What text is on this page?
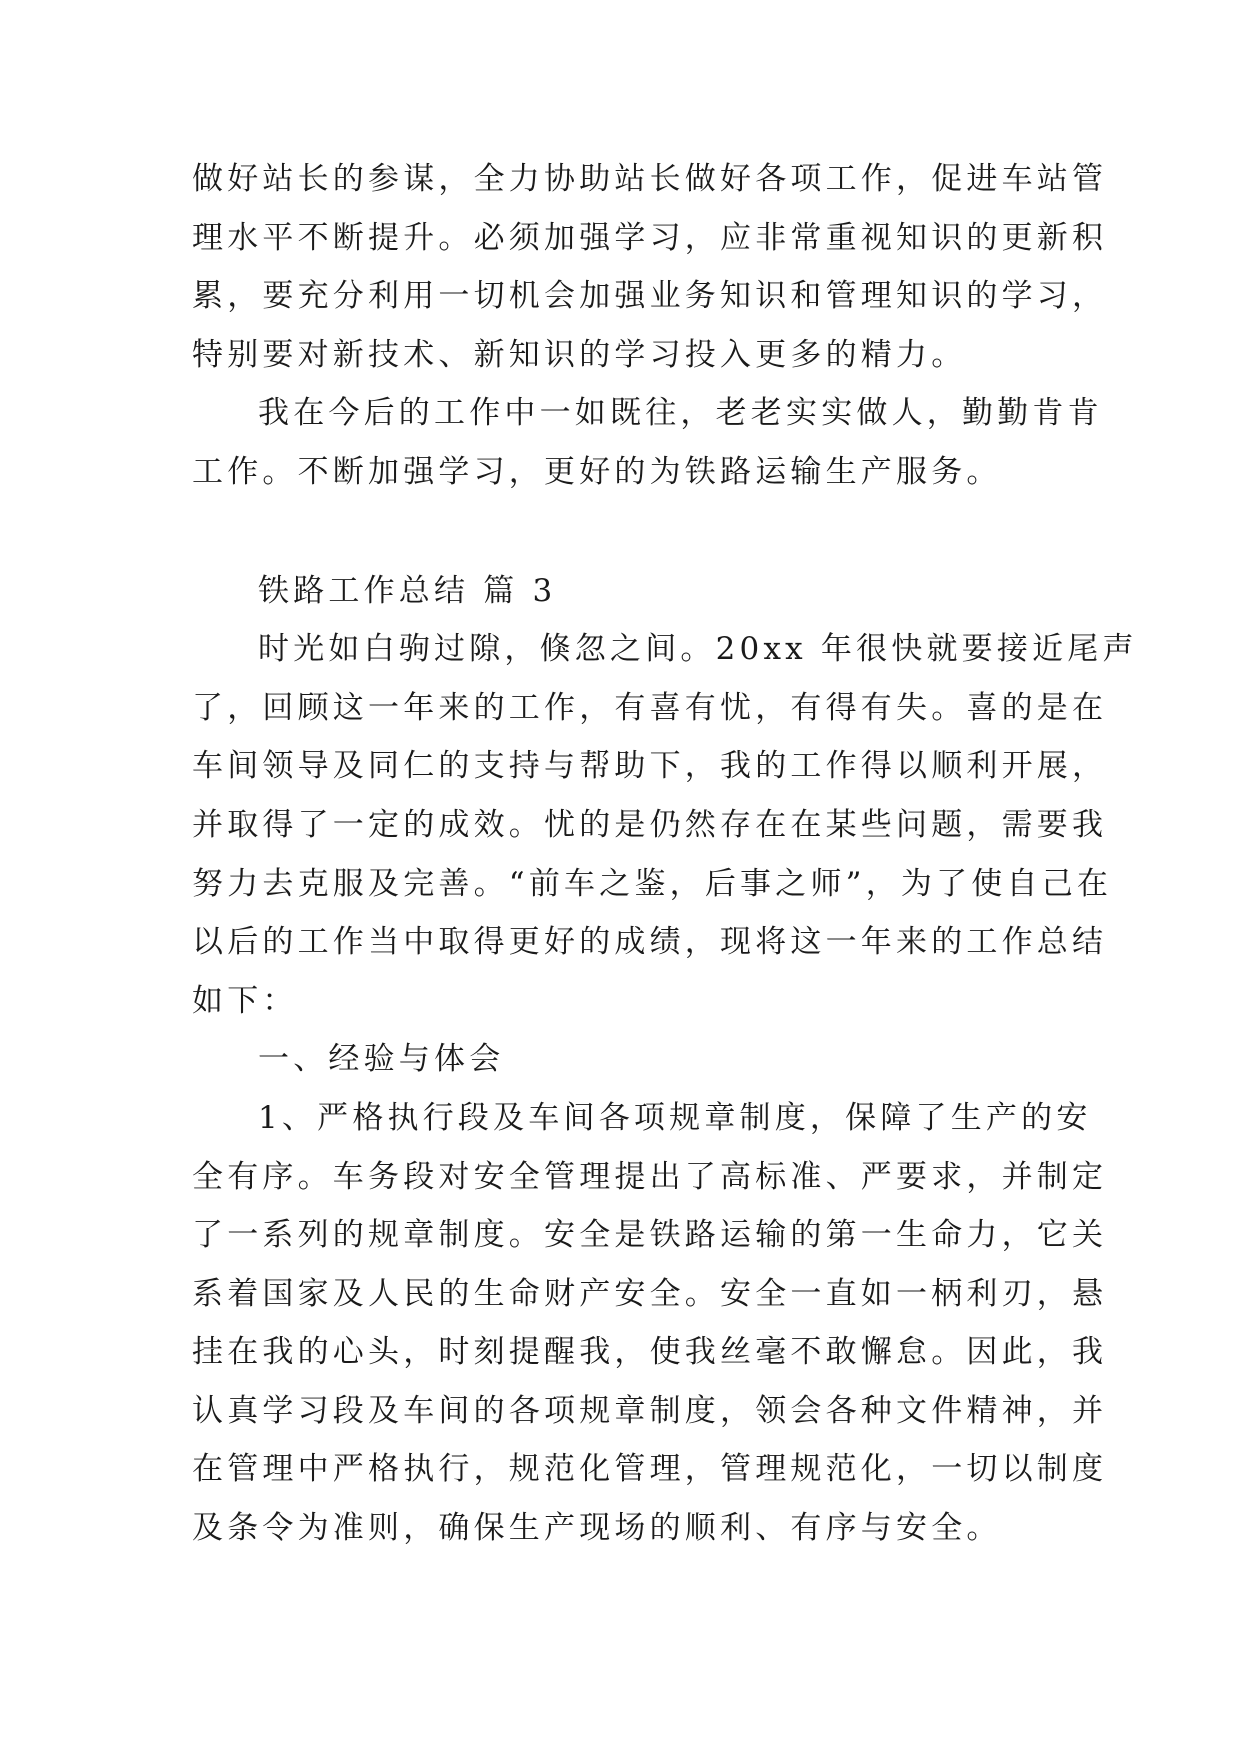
做好站长的参谋，全力协助站长做好各项工作，促进车站管
理水平不断提升。必须加强学习，应非常重视知识的更新积
累，要充分利用一切机会加强业务知识和管理知识的学习，
特别要对新技术、新知识的学习投入更多的精力。
我在今后的工作中一如既往，老老实实做人，勤勤肯肯
工作。不断加强学习，更好的为铁路运输生产服务。
铁路工作总结 篇 3
时光如白驹过隙，倏忽之间。20xx 年很快就要接近尾声
了，回顾这一年来的工作，有喜有忧，有得有失。喜的是在
车间领导及同仁的支持与帮助下，我的工作得以顺利开展，
并取得了一定的成效。忧的是仍然存在在某些问题，需要我
努力去克服及完善。“前车之鉴，后事之师”，为了使自己在
以后的工作当中取得更好的成绩，现将这一年来的工作总结
如下：
一、经验与体会
1、严格执行段及车间各项规章制度，保障了生产的安
全有序。车务段对安全管理提出了高标准、严要求，并制定
了一系列的规章制度。安全是铁路运输的第一生命力，它关
系着国家及人民的生命财产安全。安全一直如一柄利刃，悬
挂在我的心头，时刻提醒我，使我丝毫不敢懈怠。因此，我
认真学习段及车间的各项规章制度，领会各种文件精神，并
在管理中严格执行，规范化管理，管理规范化，一切以制度
及条令为准则，确保生产现场的顺利、有序与安全。
